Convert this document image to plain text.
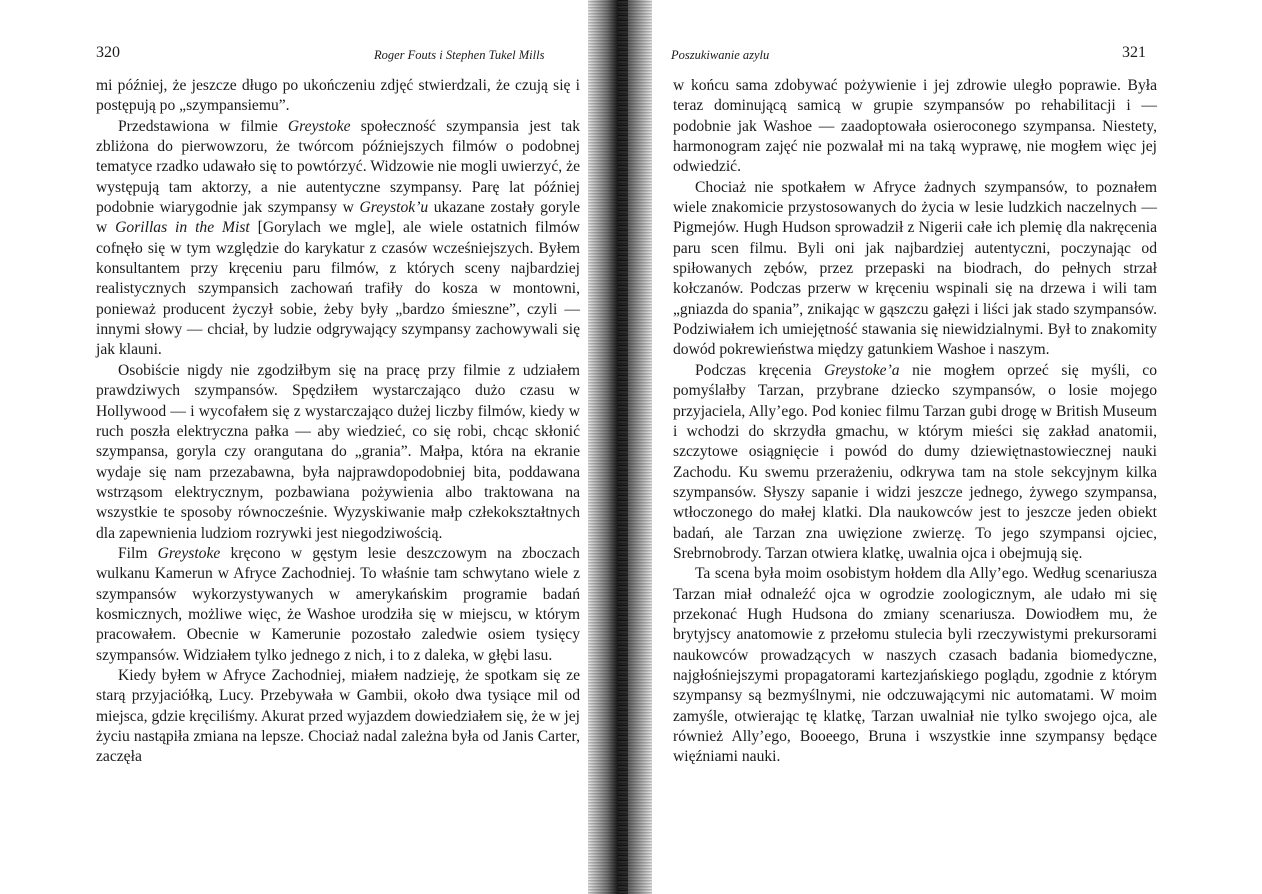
320	Roger Fouts i Stephen Tukel Mills

mi później, że jeszcze długo po ukończeniu zdjęć stwierdzali, że czują się i postępują po „szympansiemu”.

Przedstawiona w filmie Greystoke społeczność szympansia jest tak zbliżona do pierwowzoru, że twórcom późniejszych filmów o podobnej tematyce rzadko udawało się to powtórzyć. Widzowie nie mogli uwierzyć, że występują tam aktorzy, a nie autentyczne szympansy. Parę lat później podobnie wiarygodnie jak szympansy w Greystok’u ukazane zostały goryle w Gorillas in the Mist [Gorylach we mgle], ale wiele ostatnich filmów cofnęło się w tym względzie do karykatur z czasów wcześniejszych. Byłem konsultantem przy kręceniu paru filmów, z których sceny najbardziej realistycznych szympansich zachowań trafiły do kosza w montowni, ponieważ producent życzył sobie, żeby były „bardzo śmieszne”, czyli — innymi słowy — chciał, by ludzie odgrywający szympansy zachowywali się jak klauni.

Osobiście nigdy nie zgodziłbym się na pracę przy filmie z udziałem prawdziwych szympansów. Spędziłem wystarczająco dużo czasu w Hollywood — i wycofałem się z wystarczająco dużej liczby filmów, kiedy w ruch poszła elektryczna pałka — aby wiedzieć, co się robi, chcąc skłonić szympansa, goryla czy orangutana do „grania”. Małpa, która na ekranie wydaje się nam przezabawna, była najprawdopodobniej bita, poddawana wstrząsom elektrycznym, pozbawiana pożywienia albo traktowana na wszystkie te sposoby równocześnie. Wyzyskiwanie małp człekokształtnych dla zapewnienia ludziom rozrywki jest niegodziwością.

Film Greystoke kręcono w gęstym lesie deszczowym na zboczach wulkanu Kamerun w Afryce Zachodniej. To właśnie tam schwytano wiele z szympansów wykorzystywanych w amerykańskim programie badań kosmicznych, możliwe więc, że Washoe urodziła się w miejscu, w którym pracowałem. Obecnie w Kamerunie pozostało zaledwie osiem tysięcy szympansów. Widziałem tylko jednego z nich, i to z daleka, w głębi lasu.

Kiedy byłem w Afryce Zachodniej, miałem nadzieję, że spotkam się ze starą przyjaciółką, Lucy. Przebywała w Gambii, około dwa tysiące mil od miejsca, gdzie kręciliśmy. Akurat przed wyjazdem dowiedziałem się, że w jej życiu nastąpiła zmiana na lepsze. Chociaż nadal zależna była od Janis Carter, zaczęła

Poszukiwanie azylu	321

w końcu sama zdobywać pożywienie i jej zdrowie uległo poprawie. Była teraz dominującą samicą w grupie szympansów po rehabilitacji i — podobnie jak Washoe — zaadoptowała osieroconego szympansa. Niestety, harmonogram zajęć nie pozwalał mi na taką wyprawę, nie mogłem więc jej odwiedzić.

Chociaż nie spotkałem w Afryce żadnych szympansów, to poznałem wiele znakomicie przystosowanych do życia w lesie ludzkich naczelnych — Pigmejów. Hugh Hudson sprowadził z Nigerii całe ich plemię dla nakręcenia paru scen filmu. Byli oni jak najbardziej autentyczni, poczynając od spiłowanych zębów, przez przepaski na biodrach, do pełnych strzał kołczanów. Podczas przerw w kręceniu wspinali się na drzewa i wili tam „gniazda do spania”, znikając w gąszczu gałęzi i liści jak stado szympansów. Podziwiałem ich umiejętność stawania się niewidzialnymi. Był to znakomity dowód pokrewieństwa między gatunkiem Washoe i naszym.

Podczas kręcenia Greystoke’a nie mogłem oprzeć się myśli, co pomyślałby Tarzan, przybrane dziecko szympansów, o losie mojego przyjaciela, Ally’ego. Pod koniec filmu Tarzan gubi drogę w British Museum i wchodzi do skrzydła gmachu, w którym mieści się zakład anatomii, szczytowe osiągnięcie i powód do dumy dziewiętnastowiecznej nauki Zachodu. Ku swemu przerażeniu, odkrywa tam na stole sekcyjnym kilka szympansów. Słyszy sapanie i widzi jeszcze jednego, żywego szympansa, wtłoczonego do małej klatki. Dla naukowców jest to jeszcze jeden obiekt badań, ale Tarzan zna uwięzione zwierzę. To jego szympansi ojciec, Srebrnobrody. Tarzan otwiera klatkę, uwalnia ojca i obejmują się.

Ta scena była moim osobistym hołdem dla Ally’ego. Według scenariusza Tarzan miał odnaleźć ojca w ogrodzie zoologicznym, ale udało mi się przekonać Hugh Hudsona do zmiany scenariusza. Dowiodłem mu, że brytyjscy anatomowie z przełomu stulecia byli rzeczywistymi prekursorami naukowców prowadzących w naszych czasach badania biomedyczne, najgłośniejszymi propagatorami kartezjańskiego poglądu, zgodnie z którym szympansy są bezmyślnymi, nie odczuwającymi nic automatami. W moim zamyśle, otwierając tę klatkę, Tarzan uwalniał nie tylko swojego ojca, ale również Ally’ego, Booeego, Bruna i wszystkie inne szympansy będące więźniami nauki.
